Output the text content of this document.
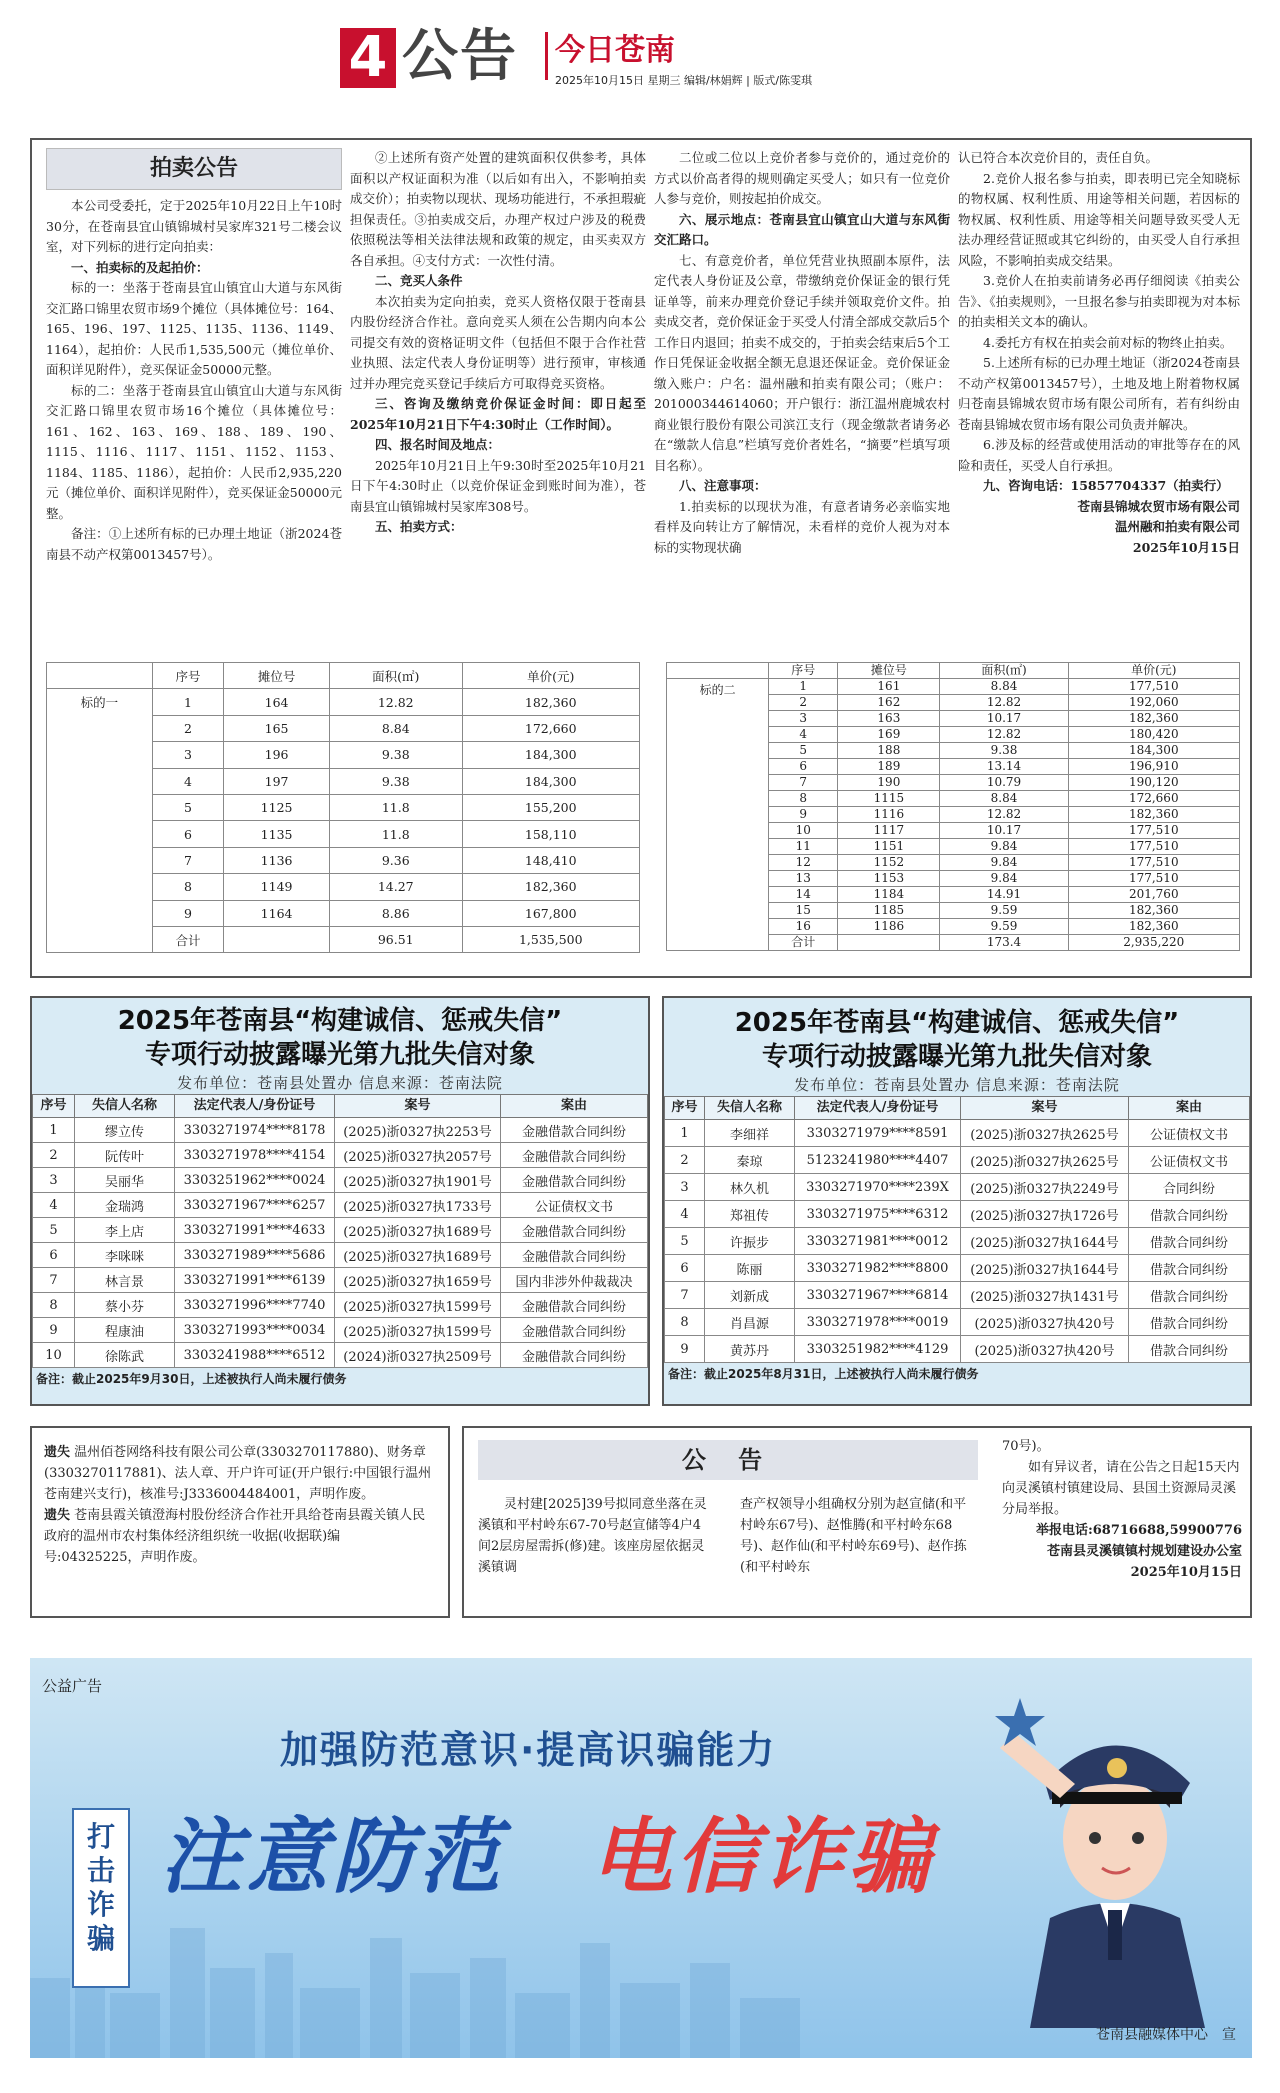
4 公告 今日苍南
2025年10月15日 星期三 编辑/林娟辉 | 版式/陈雯琪
拍卖公告

本公司受委托，定于2025年10月22日上午10时30分，在苍南县宜山镇锦城村吴家库321号二楼会议室，对下列标的进行定向拍卖：

一、拍卖标的及起拍价：

标的一：坐落于苍南县宜山镇宜山大道与东风街交汇路口锦里农贸市场9个摊位（具体摊位号：164、165、196、197、1125、1135、1136、1149、1164），起拍价：人民币1,535,500元（摊位单价、面积详见附件），竞买保证金50000元整。

标的二：坐落于苍南县宜山镇宜山大道与东风街交汇路口锦里农贸市场16个摊位（具体摊位号：161、162、163、169、188、189、190、1115、1116、1117、1151、1152、1153、1184、1185、1186），起拍价：人民币2,935,220元（摊位单价、面积详见附件），竞买保证金50000元整。

备注：①上述所有标的已办理土地证（浙2024苍南县不动产权第0013457号）。

②上述所有资产处置的建筑面积仅供参考，具体面积以产权证面积为准（以后如有出入，不影响拍卖成交价）；拍卖物以现状、现场功能进行，不承担瑕疵担保责任。③拍卖成交后，办理产权过户涉及的税费依照税法等相关法律法规和政策的规定，由买卖双方各自承担。④支付方式：一次性付清。

二、竞买人条件

本次拍卖为定向拍卖，竞买人资格仅限于苍南县内股份经济合作社。意向竞买人须在公告期内向本公司提交有效的资格证明文件（包括但不限于合作社营业执照、法定代表人身份证明等）进行预审，审核通过并办理完竞买登记手续后方可取得竞买资格。

三、咨询及缴纳竞价保证金时间：即日起至2025年10月21日下午4:30时止（工作时间）。

四、报名时间及地点：

2025年10月21日上午9:30时至2025年10月21日下午4:30时止（以竞价保证金到账时间为准），苍南县宜山镇锦城村吴家库308号。

五、拍卖方式：

二位或二位以上竞价者参与竞价的，通过竞价的方式以价高者得的规则确定买受人；如只有一位竞价人参与竞价，则按起拍价成交。

六、展示地点：苍南县宜山镇宜山大道与东风街交汇路口。

七、有意竞价者，单位凭营业执照副本原件，法定代表人身份证及公章，带缴纳竞价保证金的银行凭证单等，前来办理竞价登记手续并领取竞价文件。拍卖成交者，竞价保证金于买受人付清全部成交款后5个工作日内退回；拍卖不成交的，于拍卖会结束后5个工作日凭保证金收据全额无息退还保证金。竞价保证金缴入账户：户名：温州融和拍卖有限公司；（账户：201000344614060；开户银行：浙江温州鹿城农村商业银行股份有限公司滨江支行（现金缴款者请务必在“缴款人信息”栏填写竞价者姓名，“摘要”栏填写项目名称）。

八、注意事项：

1.拍卖标的以现状为准，有意者请务必亲临实地看样及向转让方了解情况，未看样的竞价人视为对本标的实物现状确

认已符合本次竞价目的，责任自负。

2.竞价人报名参与拍卖，即表明已完全知晓标的物权属、权利性质、用途等相关问题，若因标的物权属、权利性质、用途等相关问题导致买受人无法办理经营证照或其它纠纷的，由买受人自行承担风险，不影响拍卖成交结果。

3.竞价人在拍卖前请务必再仔细阅读《拍卖公告》、《拍卖规则》，一旦报名参与拍卖即视为对本标的拍卖相关文本的确认。

4.委托方有权在拍卖会前对标的物终止拍卖。

5.上述所有标的已办理土地证（浙2024苍南县不动产权第0013457号），土地及地上附着物权属归苍南县锦城农贸市场有限公司所有，若有纠纷由苍南县锦城农贸市场有限公司负责并解决。

6.涉及标的经营或使用活动的审批等存在的风险和责任，买受人自行承担。

九、咨询电话：15857704337（拍卖行）

苍南县锦城农贸市场有限公司

温州融和拍卖有限公司

2025年10月15日

	序号	摊位号	面积(㎡)	单价(元)
标的一	1	164	12.82	182,360
	2	165	8.84	172,660
	3	196	9.38	184,300
	4	197	9.38	184,300
	5	1125	11.8	155,200
	6	1135	11.8	158,110
	7	1136	9.36	148,410
	8	1149	14.27	182,360
	9	1164	8.86	167,800
	合计		96.51	1,535,500
	序号	摊位号	面积(㎡)	单价(元)
标的二	1	161	8.84	177,510
	2	162	12.82	192,060
	3	163	10.17	182,360
	4	169	12.82	180,420
	5	188	9.38	184,300
	6	189	13.14	196,910
	7	190	10.79	190,120
	8	1115	8.84	172,660
	9	1116	12.82	182,360
	10	1117	10.17	177,510
	11	1151	9.84	177,510
	12	1152	9.84	177,510
	13	1153	9.84	177,510
	14	1184	14.91	201,760
	15	1185	9.59	182,360
	16	1186	9.59	182,360
	合计		173.4	2,935,220
2025年苍南县“构建诚信、惩戒失信”
专项行动披露曝光第九批失信对象
发布单位：苍南县处置办 信息来源：苍南法院
序号	失信人名称	法定代表人/身份证号	案号	案由
1	缪立传	3303271974****8178	(2025)浙0327执2253号	金融借款合同纠纷
2	阮传叶	3303271978****4154	(2025)浙0327执2057号	金融借款合同纠纷
3	吴丽华	3303251962****0024	(2025)浙0327执1901号	金融借款合同纠纷
4	金瑞鸿	3303271967****6257	(2025)浙0327执1733号	公证债权文书
5	李上店	3303271991****4633	(2025)浙0327执1689号	金融借款合同纠纷
6	李咪咪	3303271989****5686	(2025)浙0327执1689号	金融借款合同纠纷
7	林言景	3303271991****6139	(2025)浙0327执1659号	国内非涉外仲裁裁决
8	蔡小芬	3303271996****7740	(2025)浙0327执1599号	金融借款合同纠纷
9	程康油	3303271993****0034	(2025)浙0327执1599号	金融借款合同纠纷
10	徐陈武	3303241988****6512	(2024)浙0327执2509号	金融借款合同纠纷
备注：截止2025年9月30日，上述被执行人尚未履行债务
2025年苍南县“构建诚信、惩戒失信”
专项行动披露曝光第九批失信对象
发布单位：苍南县处置办 信息来源：苍南法院
序号	失信人名称	法定代表人/身份证号	案号	案由
1	李细祥	3303271979****8591	(2025)浙0327执2625号	公证债权文书
2	秦琼	5123241980****4407	(2025)浙0327执2625号	公证债权文书
3	林久机	3303271970****239X	(2025)浙0327执2249号	合同纠纷
4	郑祖传	3303271975****6312	(2025)浙0327执1726号	借款合同纠纷
5	许振步	3303271981****0012	(2025)浙0327执1644号	借款合同纠纷
6	陈丽	3303271982****8800	(2025)浙0327执1644号	借款合同纠纷
7	刘新成	3303271967****6814	(2025)浙0327执1431号	借款合同纠纷
8	肖昌源	3303271978****0019	(2025)浙0327执420号	借款合同纠纷
9	黄苏丹	3303251982****4129	(2025)浙0327执420号	借款合同纠纷
备注：截止2025年8月31日，上述被执行人尚未履行债务

遗失 温州佰苍网络科技有限公司公章(3303270117880)、财务章(3303270117881)、法人章、开户许可证(开户银行:中国银行温州苍南建兴支行)，核准号:J3336004484001，声明作废。

遗失 苍南县霞关镇澄海村股份经济合作社开具给苍南县霞关镇人民政府的温州市农村集体经济组织统一收据(收据联)编号:04325225，声明作废。

公 告

灵村建[2025]39号拟同意坐落在灵溪镇和平村岭东67-70号赵宣储等4户4间2层房屋需拆(修)建。该座房屋依据灵溪镇调

查产权领导小组确权分别为赵宣储(和平村岭东67号)、赵惟腾(和平村岭东68号)、赵作仙(和平村岭东69号)、赵作拣(和平村岭东

70号)。

如有异议者，请在公告之日起15天内向灵溪镇村镇建设局、县国土资源局灵溪分局举报。

举报电话:68716688,59900776

苍南县灵溪镇镇村规划建设办公室

2025年10月15日

公益广告
加强防范意识·提高识骗能力
打击诈骗
注意防范 电信诈骗
苍南县融媒体中心　宣
